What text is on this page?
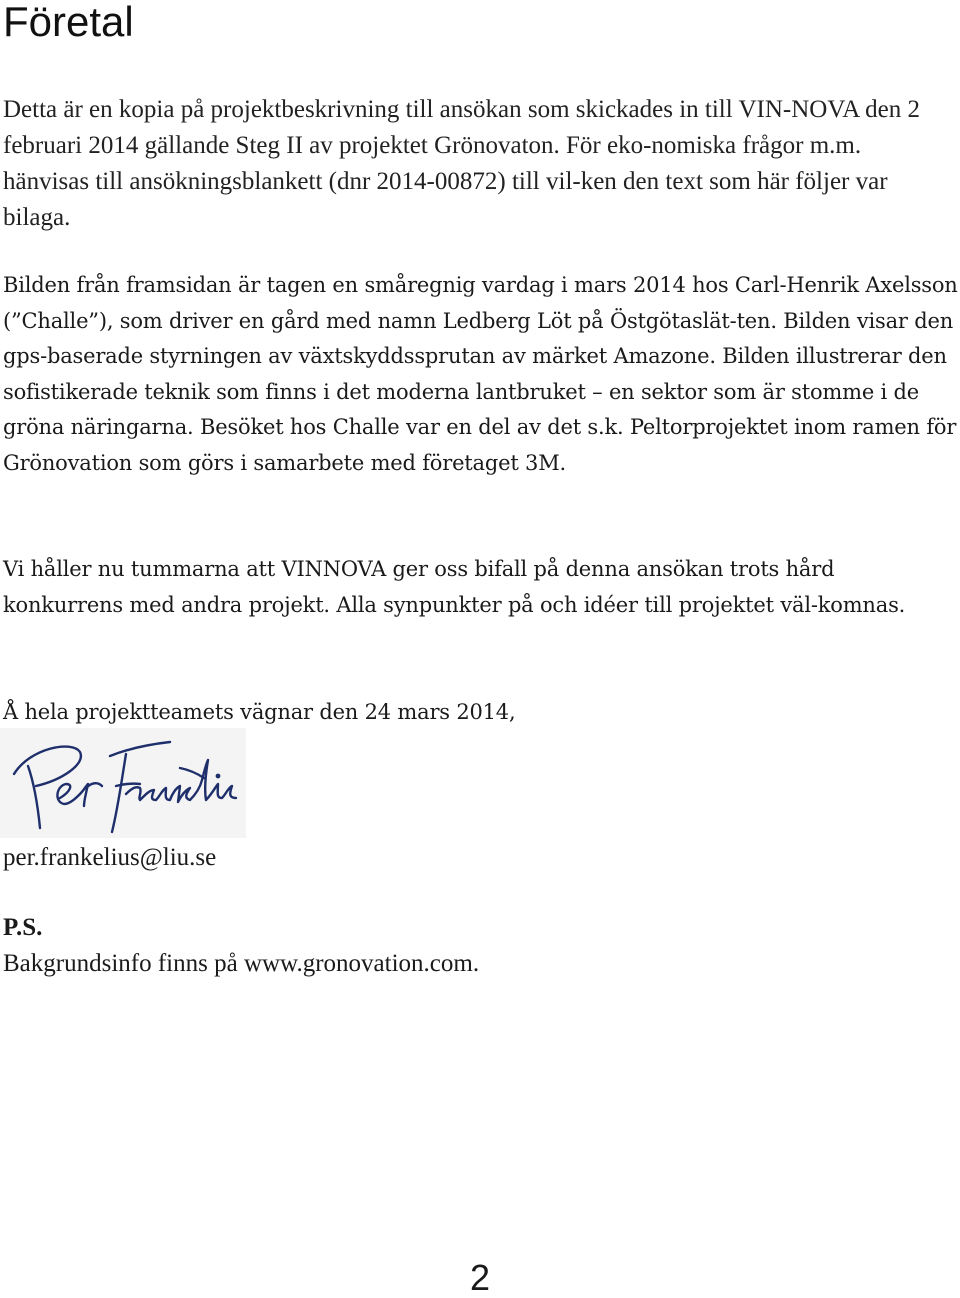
Företal

Detta är en kopia på projektbeskrivning till ansökan som skickades in till VIN-NOVA den 2 februari 2014 gällande Steg II av projektet Grönovaton. För eko-nomiska frågor m.m. hänvisas till ansökningsblankett (dnr 2014-00872) till vil-ken den text som här följer var bilaga.

Bilden från framsidan är tagen en småregnig vardag i mars 2014 hos Carl-Henrik Axelsson (”Challe”), som driver en gård med namn Ledberg Löt på Östgötaslät-ten. Bilden visar den gps-baserade styrningen av växtskyddssprutan av märket Amazone. Bilden illustrerar den sofistikerade teknik som finns i det moderna lantbruket – en sektor som är stomme i de gröna näringarna. Besöket hos Challe var en del av det s.k. Peltorprojektet inom ramen för Grönovation som görs i samarbete med företaget 3M.

Vi håller nu tummarna att VINNOVA ger oss bifall på denna ansökan trots hård konkurrens med andra projekt. Alla synpunkter på och idéer till projektet väl-komnas.

Å hela projektteamets vägnar den 24 mars 2014,

per.frankelius@liu.se

P.S.

Bakgrundsinfo finns på www.gronovation.com.

2
